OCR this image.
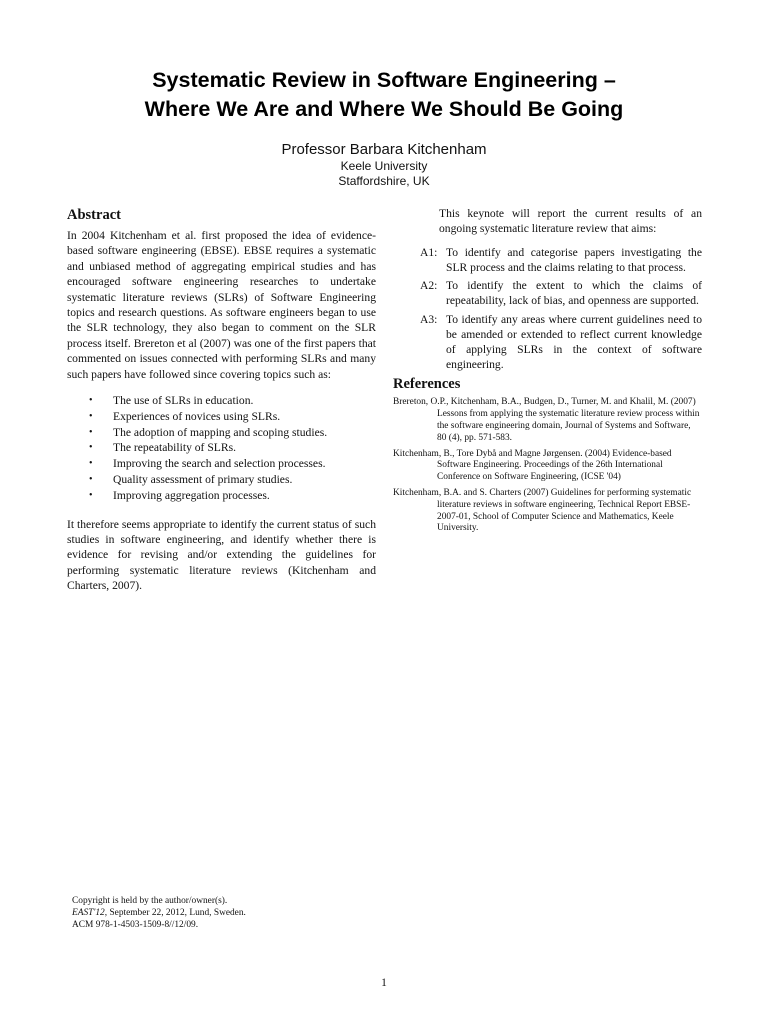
Systematic Review in Software Engineering –
Where We Are and Where We Should Be Going
Professor Barbara Kitchenham
Keele University
Staffordshire, UK
Abstract

In 2004 Kitchenham et al. first proposed the idea of evidence-based software engineering (EBSE). EBSE requires a systematic and unbiased method of aggregating empirical studies and has encouraged software engineering researches to undertake systematic literature reviews (SLRs) of Software Engineering topics and research questions. As software engineers began to use the SLR technology, they also began to comment on the SLR process itself. Brereton et al (2007) was one of the first papers that commented on issues connected with performing SLRs and many such papers have followed since covering topics such as:

• The use of SLRs in education.
• Experiences of novices using SLRs.
• The adoption of mapping and scoping studies.
• The repeatability of SLRs.
• Improving the search and selection processes.
• Quality assessment of primary studies.
• Improving aggregation processes.

It therefore seems appropriate to identify the current status of such studies in software engineering, and identify whether there is evidence for revising and/or extending the guidelines for performing systematic literature reviews (Kitchenham and Charters, 2007).

This keynote will report the current results of an ongoing systematic literature review that aims:

A1: To identify and categorise papers investigating the SLR process and the claims relating to that process.
A2: To identify the extent to which the claims of repeatability, lack of bias, and openness are supported.
A3: To identify any areas where current guidelines need to be amended or extended to reflect current knowledge of applying SLRs in the context of software engineering.
References

Brereton, O.P., Kitchenham, B.A., Budgen, D., Turner, M. and Khalil, M. (2007) Lessons from applying the systematic literature review process within the software engineering domain, Journal of Systems and Software, 80 (4), pp. 571-583.

Kitchenham, B., Tore Dybå and Magne Jørgensen. (2004) Evidence-based Software Engineering. Proceedings of the 26th International Conference on Software Engineering, (ICSE '04)

Kitchenham, B.A. and S. Charters (2007) Guidelines for performing systematic literature reviews in software engineering, Technical Report EBSE-2007-01, School of Computer Science and Mathematics, Keele University.

Copyright is held by the author/owner(s).
EAST'12, September 22, 2012, Lund, Sweden.
ACM 978-1-4503-1509-8//12/09.
1
